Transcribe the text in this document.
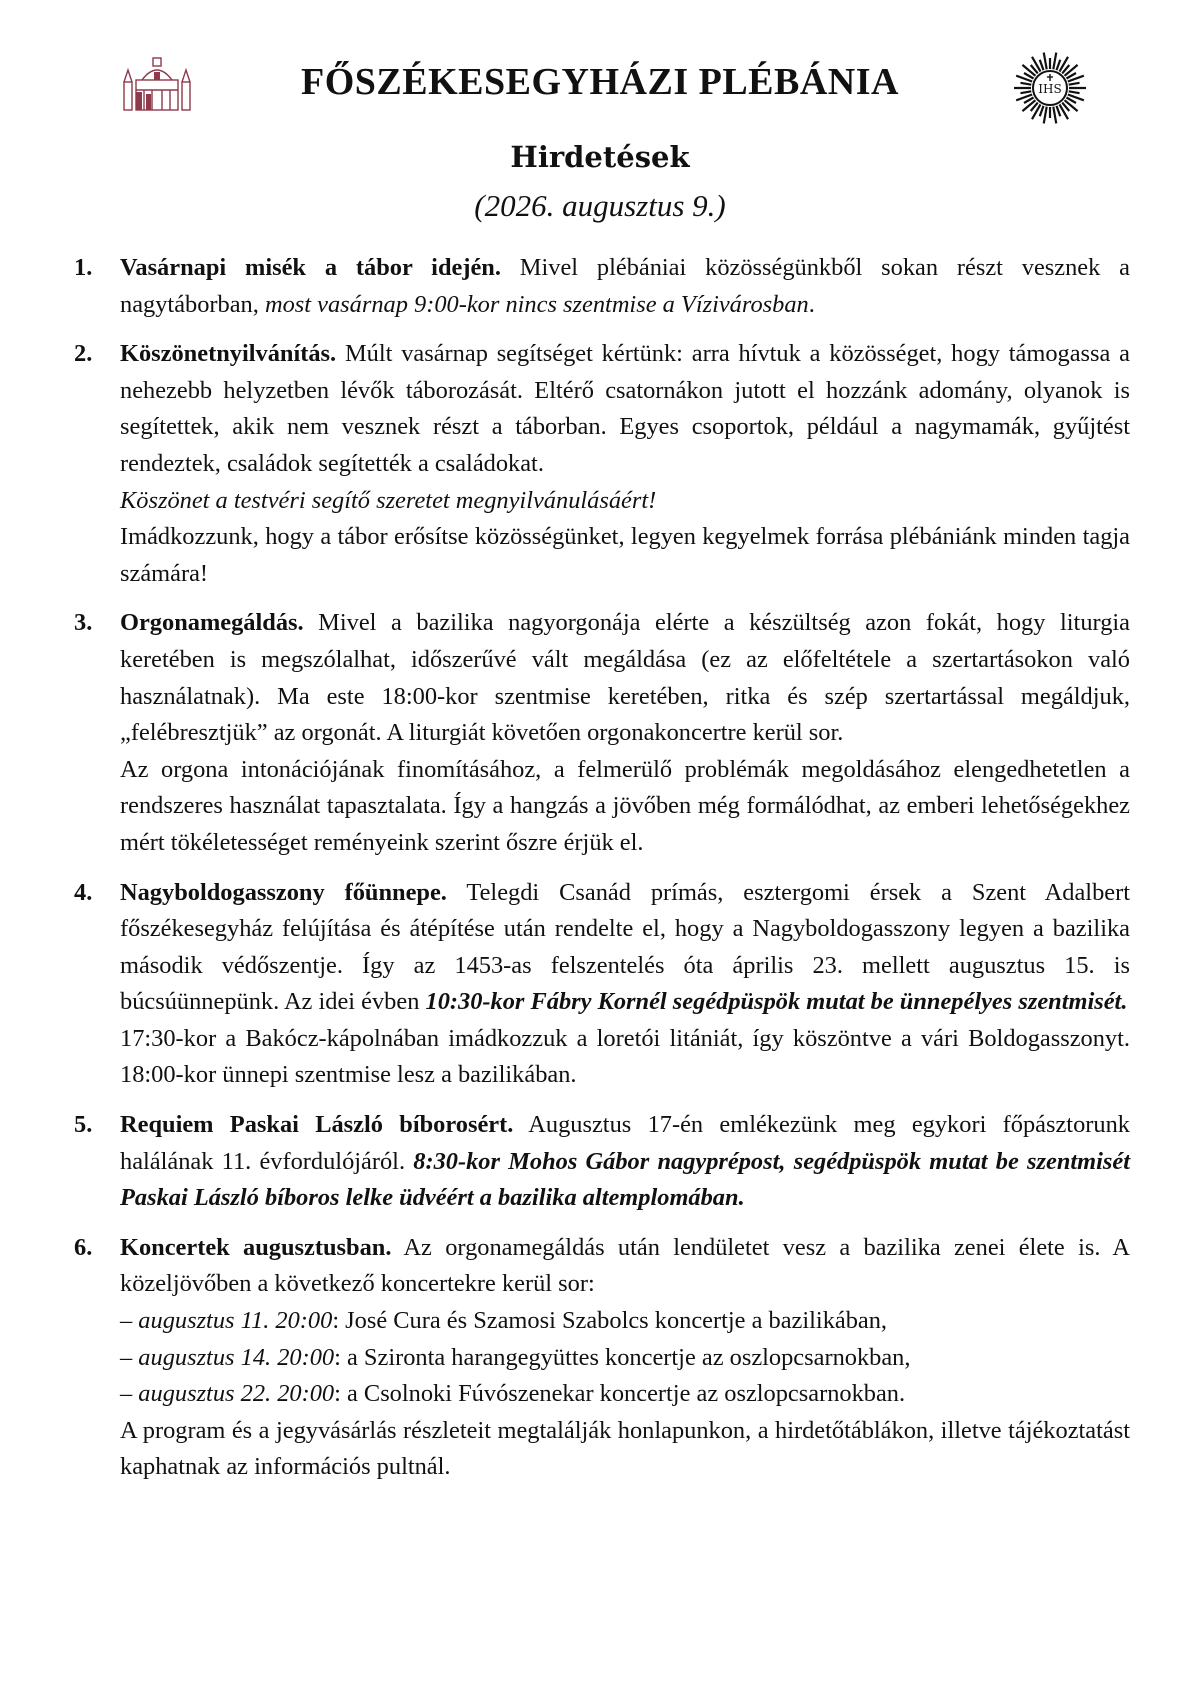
FŐSZÉKESEGYHÁZI PLÉBÁNIA	IHS
Hirdetések
(2026. augusztus 9.)
1. Vasárnapi misék a tábor idején. Mivel plébániai közösségünkből sokan részt vesznek a nagytáborban, most vasárnap 9:00-kor nincs szentmise a Vízivárosban.

2. Köszönetnyilvánítás. Múlt vasárnap segítséget kértünk: arra hívtuk a közösséget, hogy támogassa a nehezebb helyzetben lévők táborozását. Eltérő csatornákon jutott el hozzánk adomány, olyanok is segítettek, akik nem vesznek részt a táborban. Egyes csoportok, például a nagymamák, gyűjtést rendeztek, családok segítették a családokat.

Köszönet a testvéri segítő szeretet megnyilvánulásáért!

Imádkozzunk, hogy a tábor erősítse közösségünket, legyen kegyelmek forrása plébániánk minden tagja számára!

3. Orgonamegáldás. Mivel a bazilika nagyorgonája elérte a készültség azon fokát, hogy liturgia keretében is megszólalhat, időszerűvé vált megáldása (ez az előfeltétele a szertartásokon való használatnak). Ma este 18:00-kor szentmise keretében, ritka és szép szertartással megáldjuk, „felébresztjük” az orgonát. A liturgiát követően orgonakoncertre kerül sor.

Az orgona intonációjának finomításához, a felmerülő problémák megoldásához elengedhetetlen a rendszeres használat tapasztalata. Így a hangzás a jövőben még formálódhat, az emberi lehetőségekhez mért tökéletességet reményeink szerint őszre érjük el.

4. Nagyboldogasszony főünnepe. Telegdi Csanád prímás, esztergomi érsek a Szent Adalbert főszékesegyház felújítása és átépítése után rendelte el, hogy a Nagyboldogasszony legyen a bazilika második védőszentje. Így az 1453-as felszentelés óta április 23. mellett augusztus 15. is búcsúünnepünk. Az idei évben 10:30-kor Fábry Kornél segédpüspök mutat be ünnepélyes szentmisét.

17:30-kor a Bakócz-kápolnában imádkozzuk a loretói litániát, így köszöntve a vári Boldogasszonyt. 18:00-kor ünnepi szentmise lesz a bazilikában.

5. Requiem Paskai László bíborosért. Augusztus 17-én emlékezünk meg egykori főpásztorunk halálának 11. évfordulójáról. 8:30-kor Mohos Gábor nagyprépost, segédpüspök mutat be szentmisét Paskai László bíboros lelke üdvéért a bazilika altemplomában.

6. Koncertek augusztusban. Az orgonamegáldás után lendületet vesz a bazilika zenei élete is. A közeljövőben a következő koncertekre kerül sor:

– augusztus 11. 20:00: José Cura és Szamosi Szabolcs koncertje a bazilikában,

– augusztus 14. 20:00: a Szironta harangegyüttes koncertje az oszlopcsarnokban,

– augusztus 22. 20:00: a Csolnoki Fúvószenekar koncertje az oszlopcsarnokban.

A program és a jegyvásárlás részleteit megtalálják honlapunkon, a hirdetőtáblákon, illetve tájékoztatást kaphatnak az információs pultnál.
